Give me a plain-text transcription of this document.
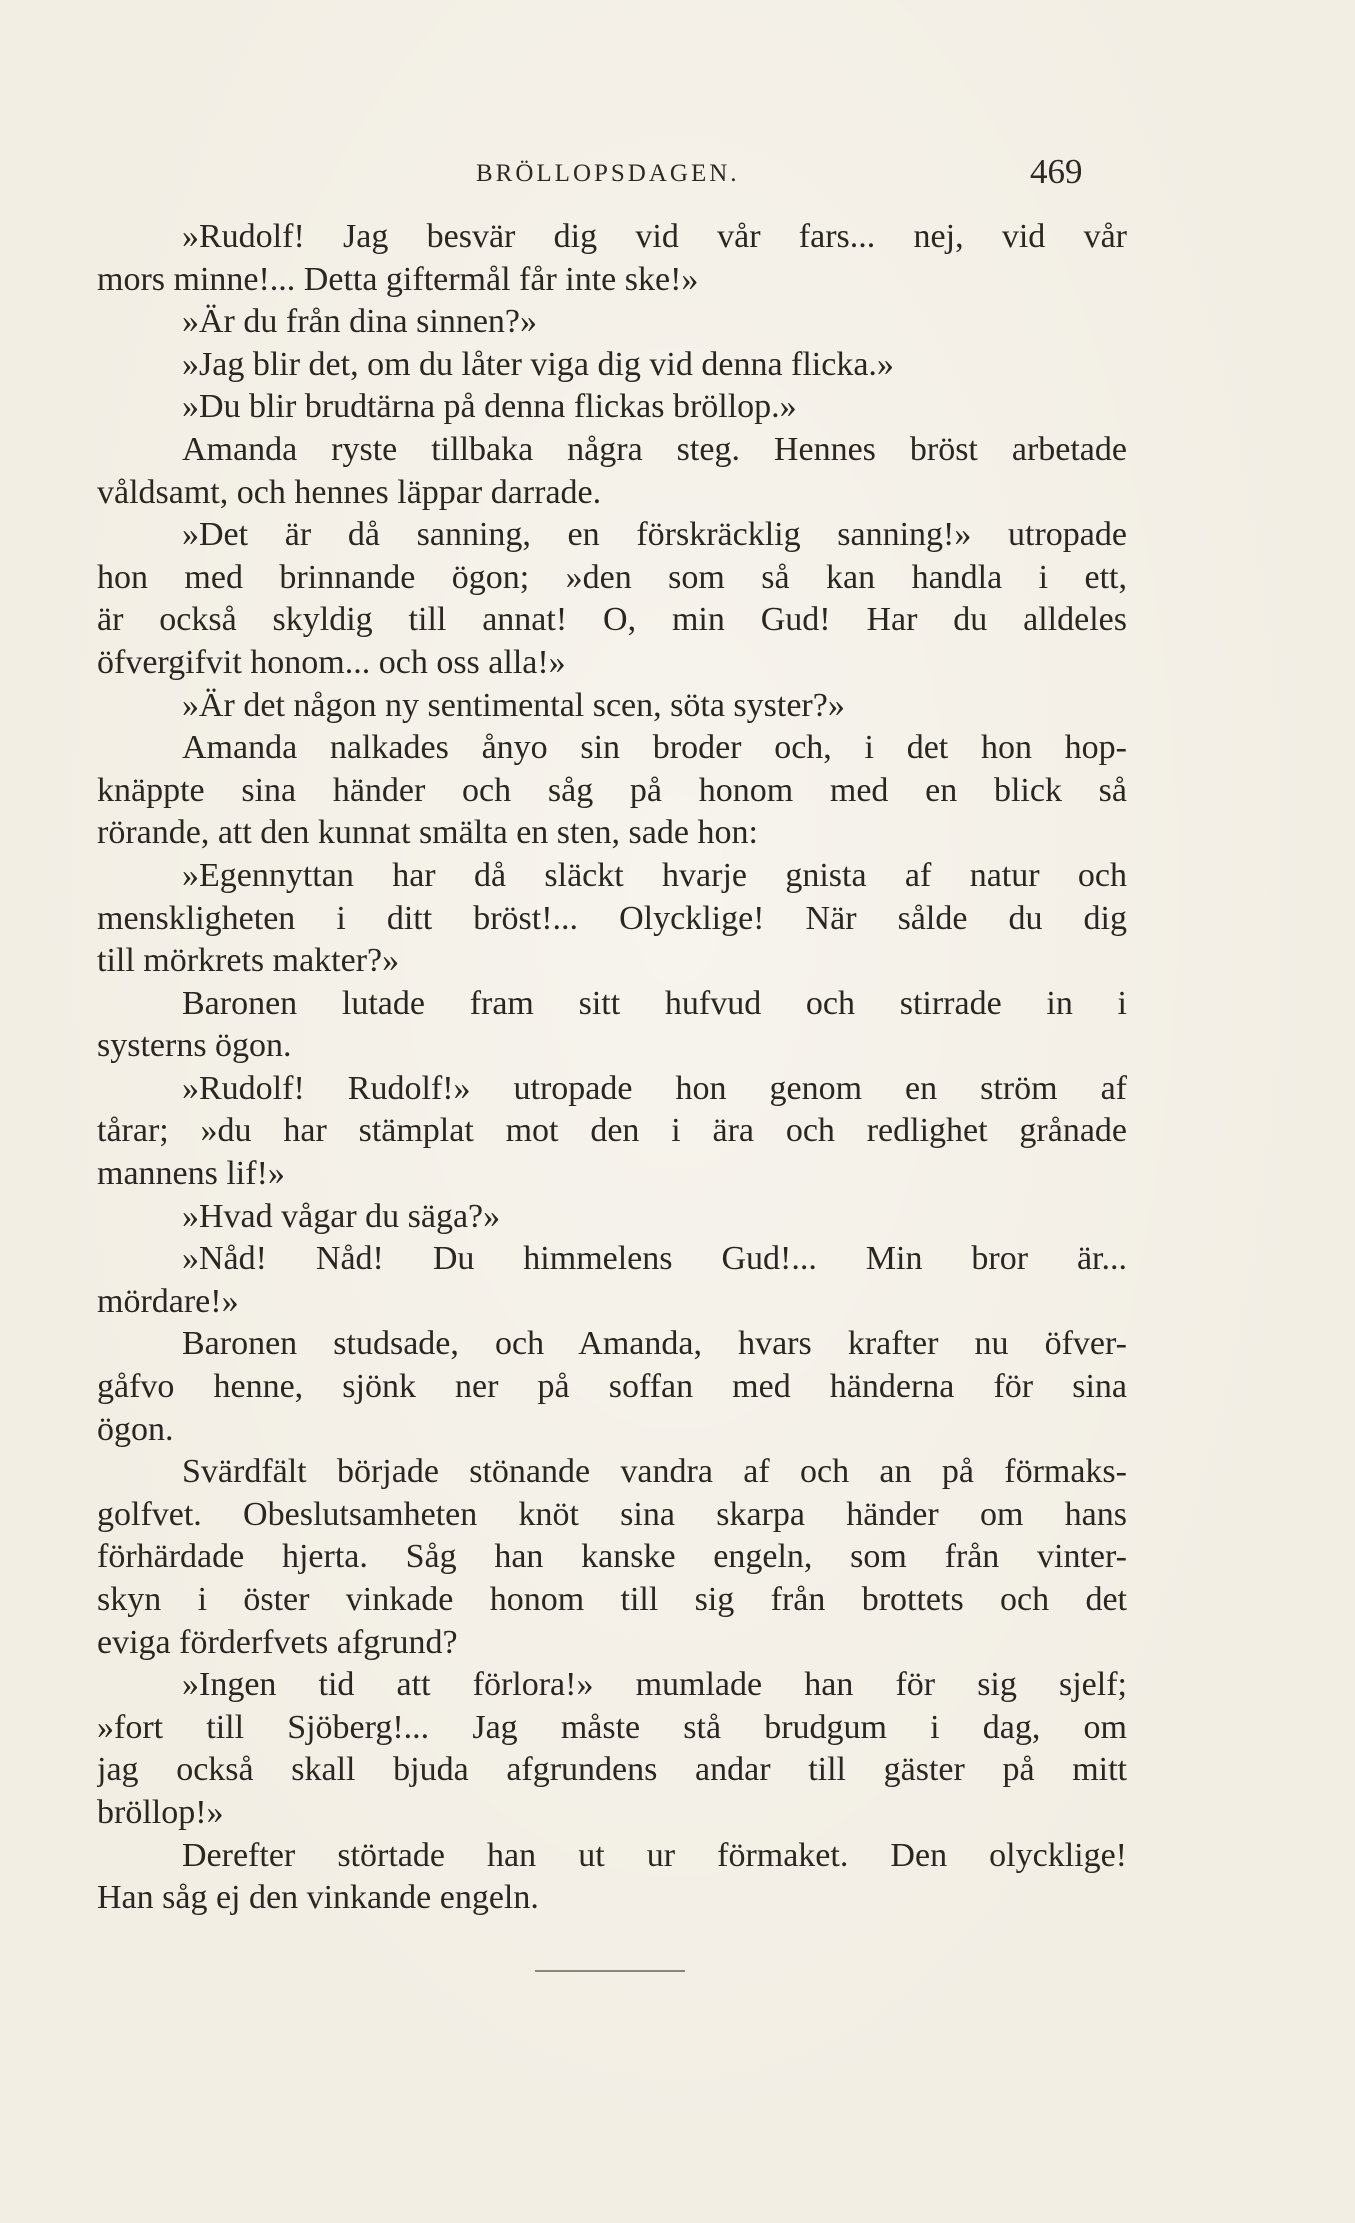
BRÖLLOPSDAGEN.	469
»Rudolf! Jag besvär dig vid vår fars... nej, vid vår
mors minne!... Detta giftermål får inte ske!»
»Är du från dina sinnen?»
»Jag blir det, om du låter viga dig vid denna flicka.»
»Du blir brudtärna på denna flickas bröllop.»
Amanda ryste tillbaka några steg. Hennes bröst arbetade
våldsamt, och hennes läppar darrade.
»Det är då sanning, en förskräcklig sanning!» utropade
hon med brinnande ögon; »den som så kan handla i ett,
är också skyldig till annat! O, min Gud! Har du alldeles
öfvergifvit honom... och oss alla!»
»Är det någon ny sentimental scen, söta syster?»
Amanda nalkades ånyo sin broder och, i det hon hop-
knäppte sina händer och såg på honom med en blick så
rörande, att den kunnat smälta en sten, sade hon:
»Egennyttan har då släckt hvarje gnista af natur och
menskligheten i ditt bröst!... Olycklige! När sålde du dig
till mörkrets makter?»
Baronen lutade fram sitt hufvud och stirrade in i
systerns ögon.
»Rudolf! Rudolf!» utropade hon genom en ström af
tårar; »du har stämplat mot den i ära och redlighet grånade
mannens lif!»
»Hvad vågar du säga?»
»Nåd! Nåd! Du himmelens Gud!... Min bror är...
mördare!»
Baronen studsade, och Amanda, hvars krafter nu öfver-
gåfvo henne, sjönk ner på soffan med händerna för sina
ögon.
Svärdfält började stönande vandra af och an på förmaks-
golfvet. Obeslutsamheten knöt sina skarpa händer om hans
förhärdade hjerta. Såg han kanske engeln, som från vinter-
skyn i öster vinkade honom till sig från brottets och det
eviga förderfvets afgrund?
»Ingen tid att förlora!» mumlade han för sig sjelf;
»fort till Sjöberg!... Jag måste stå brudgum i dag, om
jag också skall bjuda afgrundens andar till gäster på mitt
bröllop!»
Derefter störtade han ut ur förmaket. Den olycklige!
Han såg ej den vinkande engeln.
